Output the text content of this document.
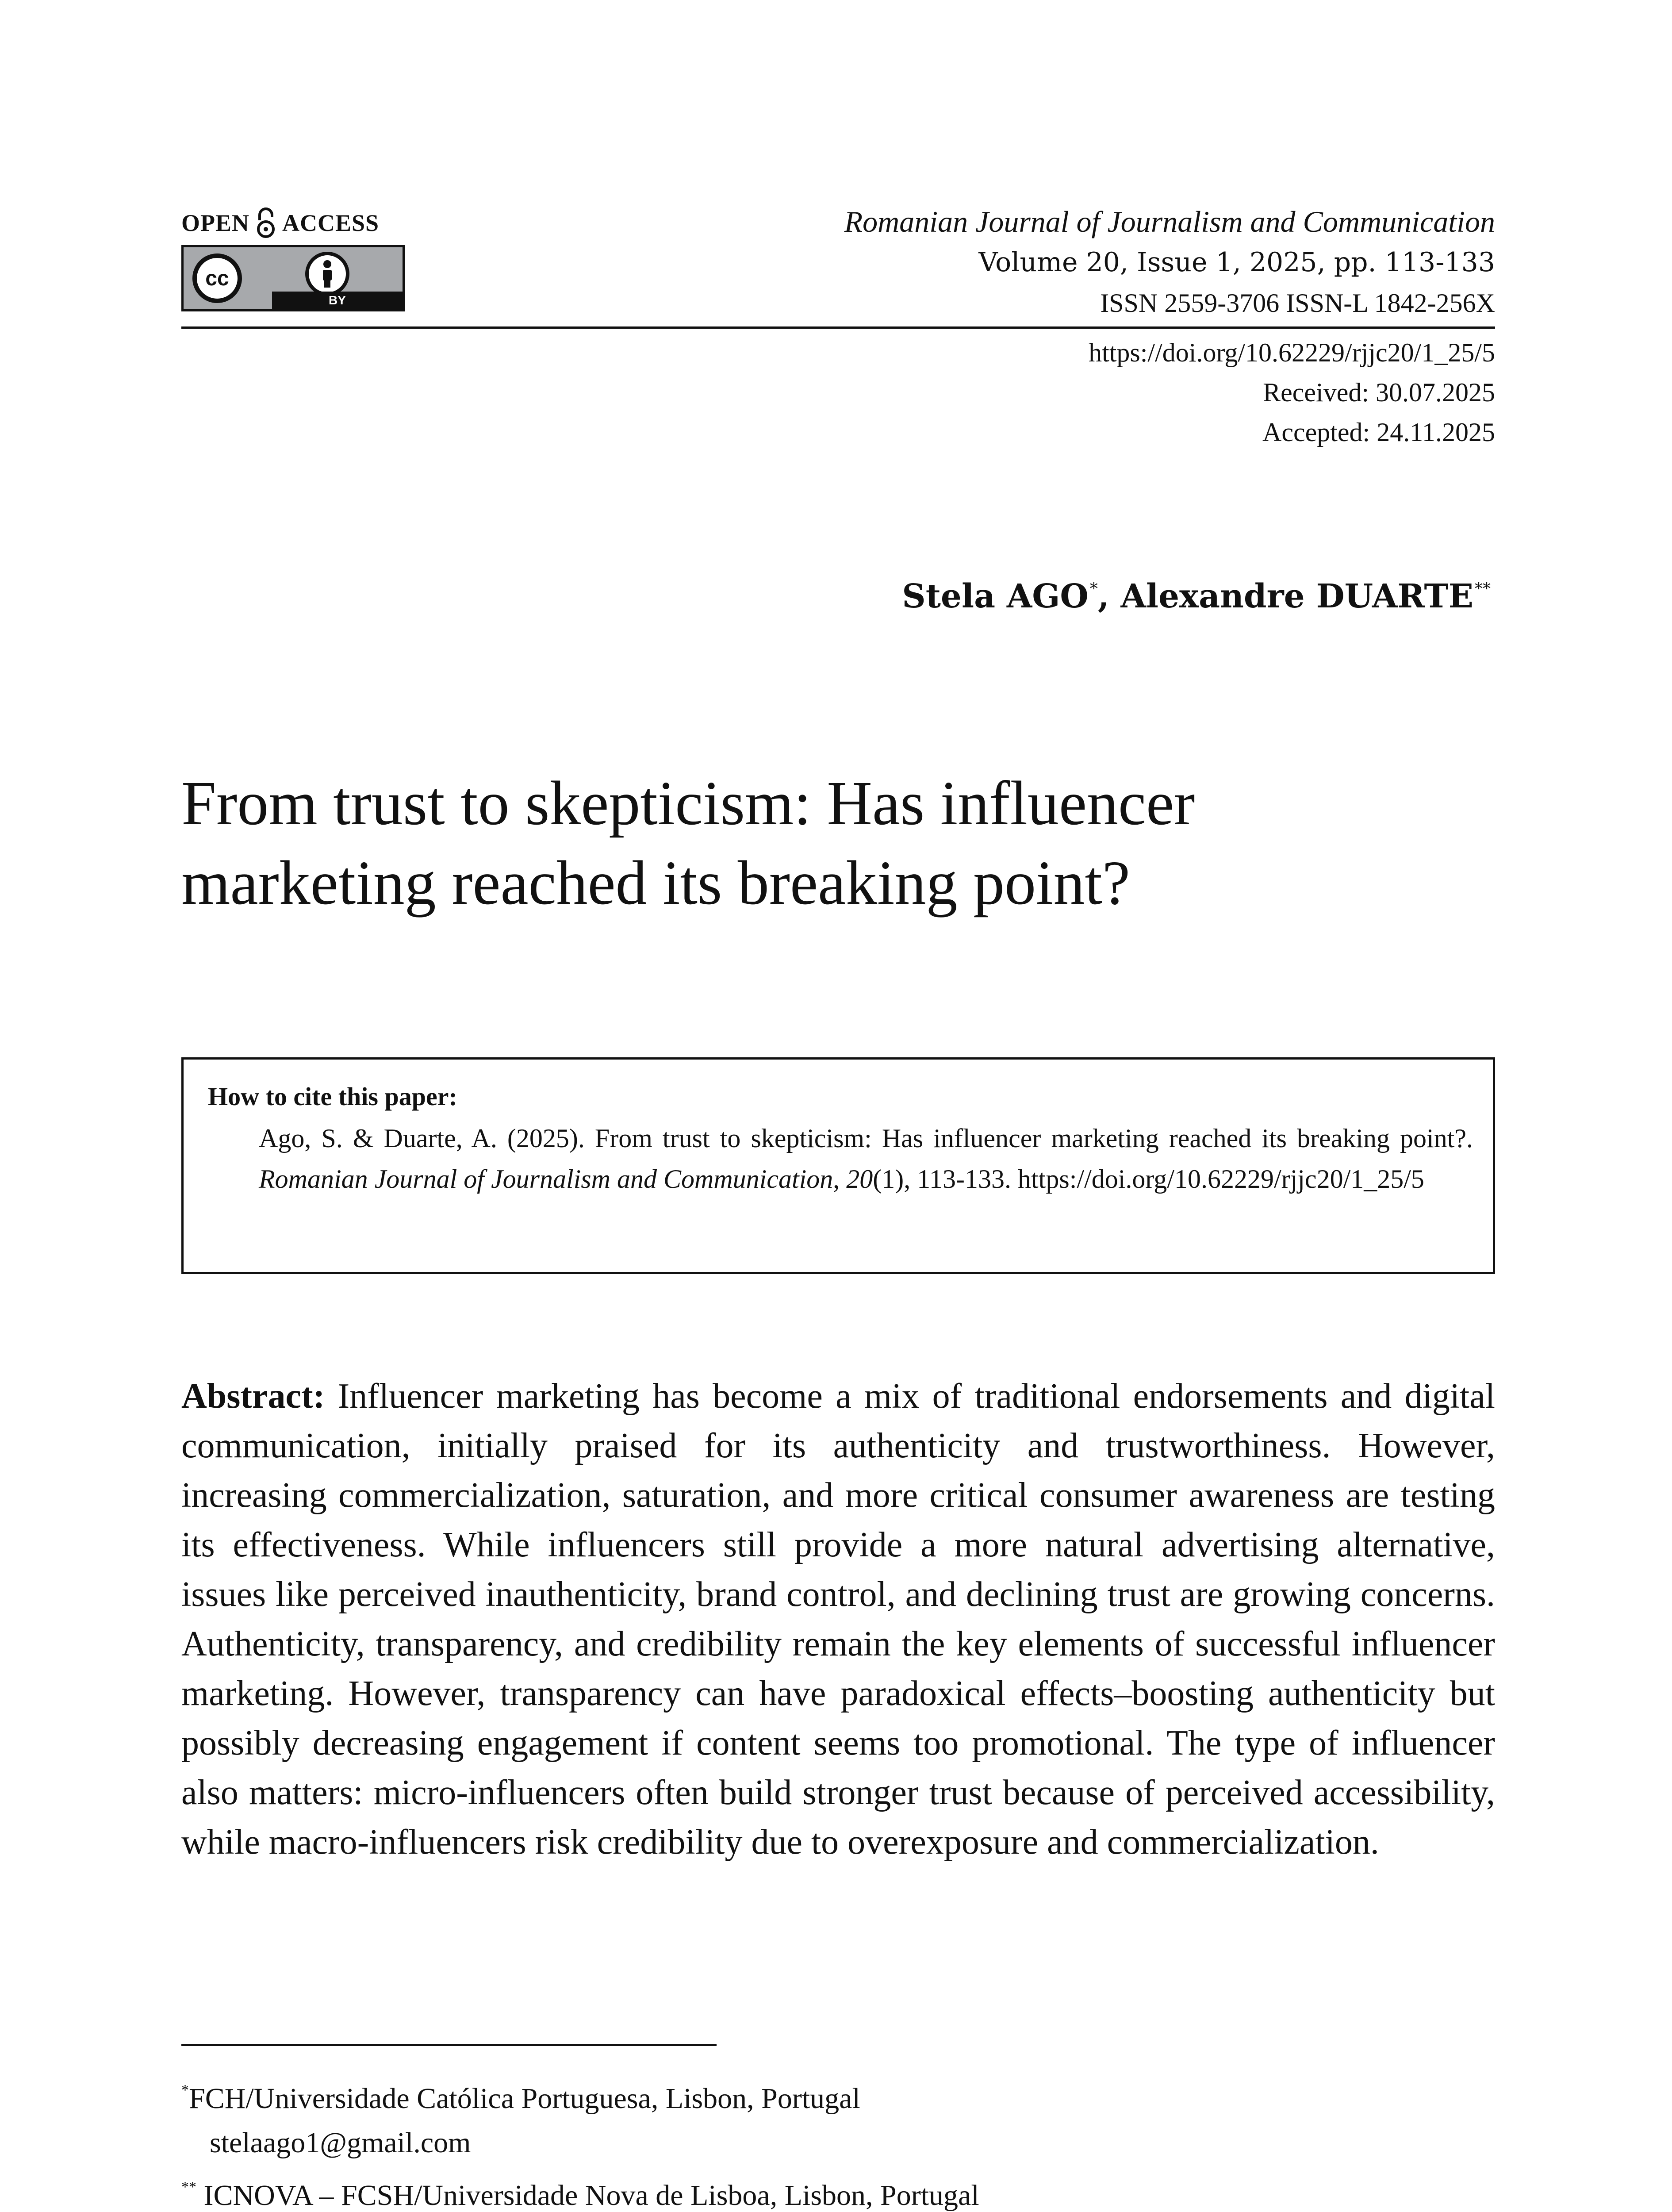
OPEN ACCESS
cc
BY
Romanian Journal of Journalism and Communication
Volume 20, Issue 1, 2025, pp. 113-133
ISSN 2559-3706 ISSN-L 1842-256X
https://doi.org/10.62229/rjjc20/1_25/5
Received: 30.07.2025
Accepted: 24.11.2025
Stela AGO*, Alexandre DUARTE**
From trust to skepticism: Has influencer
marketing reached its breaking point?
How to cite this paper:
Ago, S. & Duarte, A. (2025). From trust to skepticism: Has influencer marketing reached its breaking point?. Romanian Journal of Journalism and Communication, 20(1), 113-133. https://doi.org/10.62229/rjjc20/1_25/5
Abstract: Influencer marketing has become a mix of traditional endorsements and digital communication, initially praised for its authenticity and trustworthiness. However, increasing commercialization, saturation, and more critical consumer awareness are testing its effectiveness. While influencers still provide a more natural advertising alternative, issues like perceived inauthenticity, brand control, and declining trust are growing concerns. Authenticity, transparency, and credibility remain the key elements of successful influencer marketing. However, transparency can have paradoxical effects–boosting authenticity but possibly decreasing engagement if content seems too promotional. The type of influencer also matters: micro-influencers often build stronger trust because of perceived accessibility, while macro-influencers risk credibility due to overexposure and commercialization.
*FCH/Universidade Católica Portuguesa, Lisbon, Portugal
stelaago1@gmail.com
** ICNOVA – FCSH/Universidade Nova de Lisboa, Lisbon, Portugal
